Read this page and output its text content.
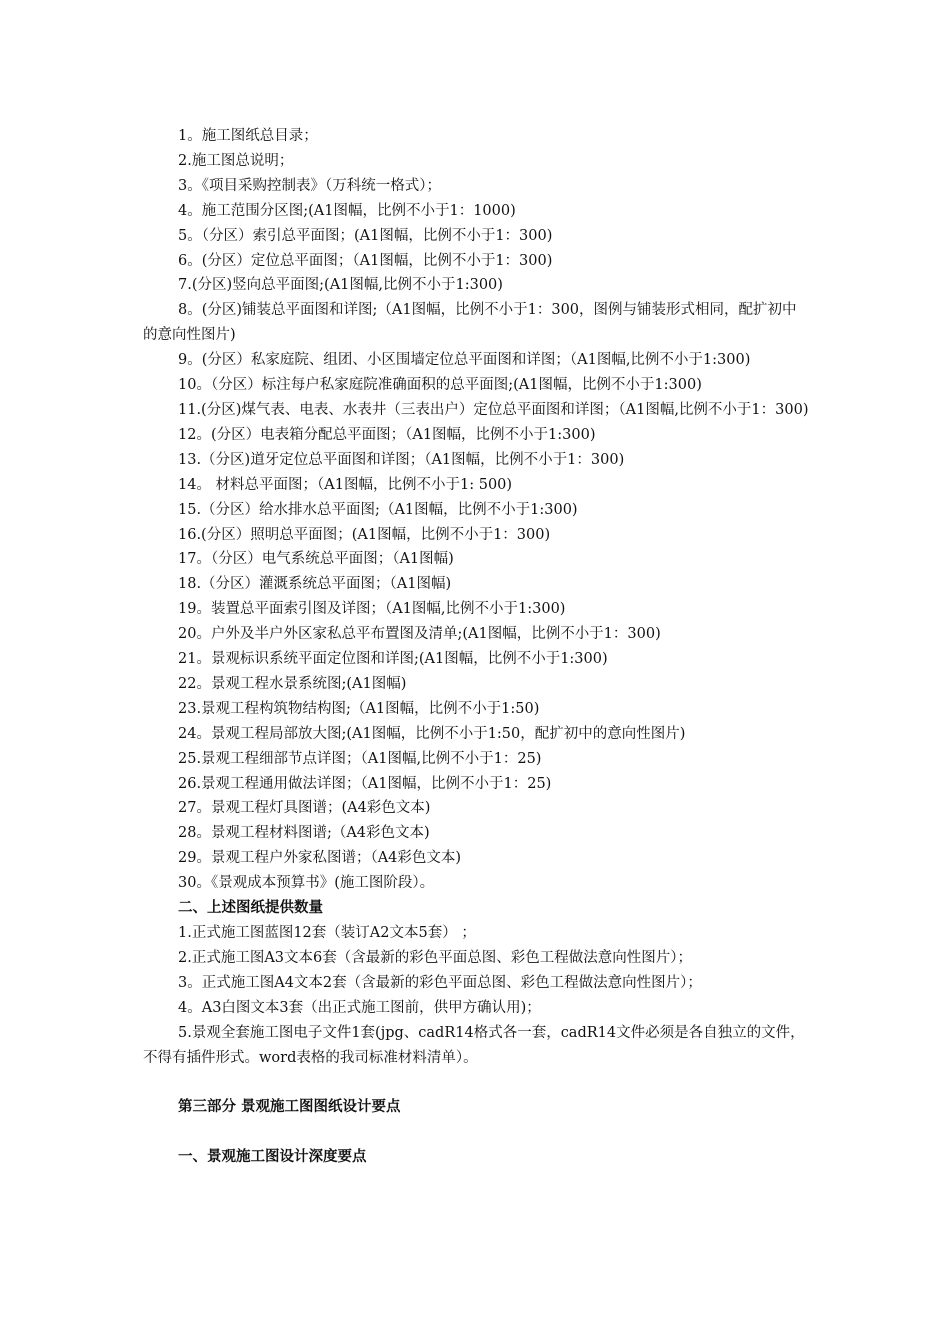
1。施工图纸总目录；

2.施工图总说明；

3。《项目采购控制表》（万科统一格式）；

4。施工范围分区图;(A1图幅，比例不小于1：1000)

5。（分区）索引总平面图；(A1图幅，比例不小于1：300)

6。(分区）定位总平面图；（A1图幅，比例不小于1：300)

7.(分区)竖向总平面图;(A1图幅,比例不小于1:300)

8。(分区)铺装总平面图和详图;（A1图幅，比例不小于1：300，图例与铺装形式相同，配扩初中的意向性图片)

9。(分区）私家庭院、组团、小区围墙定位总平面图和详图；（A1图幅,比例不小于1:300)

10。（分区）标注每户私家庭院准确面积的总平面图;(A1图幅，比例不小于1:300)

11.(分区)煤气表、电表、水表井（三表出户）定位总平面图和详图；（A1图幅,比例不小于1：300)

12。(分区）电表箱分配总平面图；（A1图幅，比例不小于1:300)

13.（分区)道牙定位总平面图和详图；（A1图幅，比例不小于1：300)

14。 材料总平面图；（A1图幅，比例不小于1: 500)

15.（分区）给水排水总平面图;（A1图幅，比例不小于1:300)

16.(分区）照明总平面图；(A1图幅，比例不小于1：300)

17。（分区）电气系统总平面图；（A1图幅)

18.（分区）灌溉系统总平面图；（A1图幅)

19。装置总平面索引图及详图；（A1图幅,比例不小于1:300)

20。户外及半户外区家私总平布置图及清单;(A1图幅，比例不小于1：300)

21。景观标识系统平面定位图和详图;(A1图幅，比例不小于1:300)

22。景观工程水景系统图;(A1图幅)

23.景观工程构筑物结构图;（A1图幅，比例不小于1:50)

24。景观工程局部放大图;(A1图幅，比例不小于1:50，配扩初中的意向性图片)

25.景观工程细部节点详图；（A1图幅,比例不小于1：25)

26.景观工程通用做法详图；（A1图幅，比例不小于1：25)

27。景观工程灯具图谱；(A4彩色文本)

28。景观工程材料图谱;（A4彩色文本)

29。景观工程户外家私图谱；（A4彩色文本)

30。《景观成本预算书》(施工图阶段）。

二、上述图纸提供数量

1.正式施工图蓝图12套（装订A2文本5套） ；

2.正式施工图A3文本6套（含最新的彩色平面总图、彩色工程做法意向性图片）；

3。正式施工图A4文本2套（含最新的彩色平面总图、彩色工程做法意向性图片）；

4。A3白图文本3套（出正式施工图前，供甲方确认用)；

5.景观全套施工图电子文件1套(jpg、cadR14格式各一套，cadR14文件必须是各自独立的文件，不得有插件形式。word表格的我司标准材料清单）。

第三部分 景观施工图图纸设计要点

一、景观施工图设计深度要点
